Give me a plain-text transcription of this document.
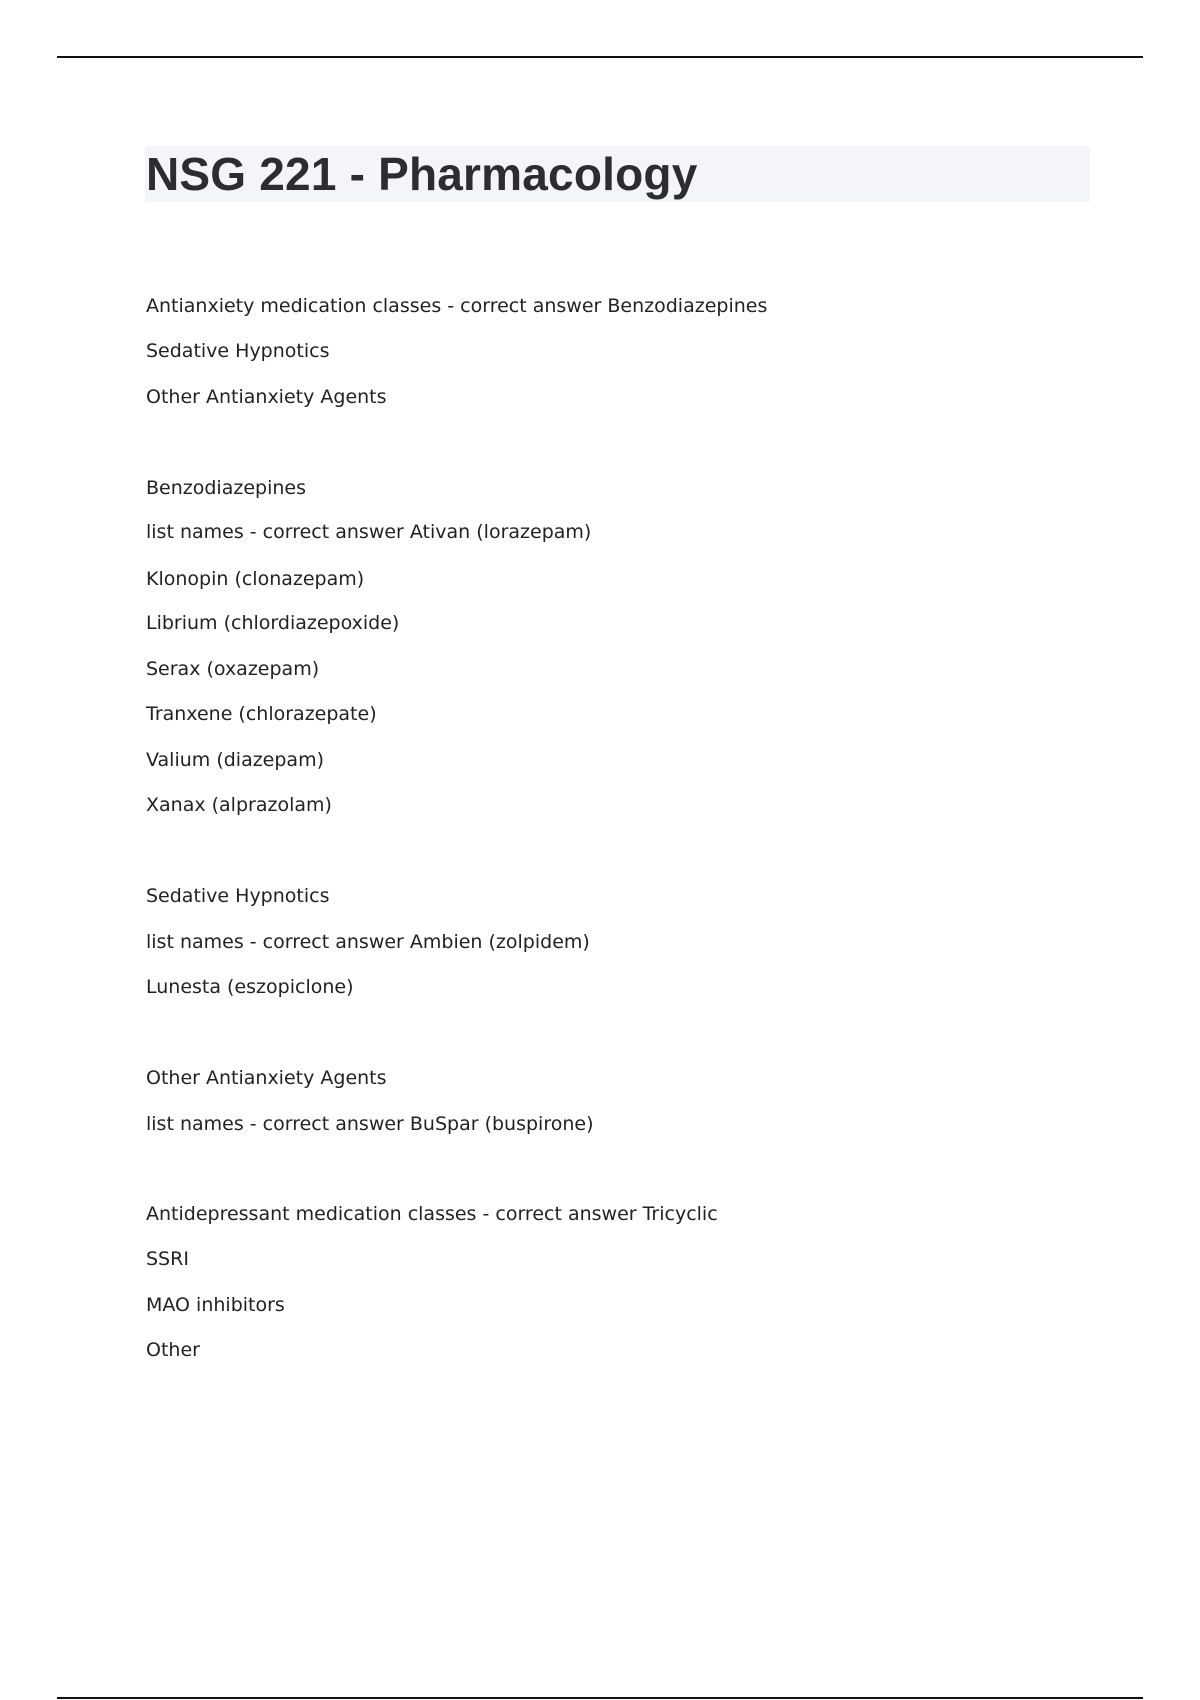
NSG 221 - Pharmacology
Antianxiety medication classes - correct answer Benzodiazepines
Sedative Hypnotics
Other Antianxiety Agents
Benzodiazepines
list names - correct answer Ativan (lorazepam)
Klonopin (clonazepam)
Librium (chlordiazepoxide)
Serax (oxazepam)
Tranxene (chlorazepate)
Valium (diazepam)
Xanax (alprazolam)
Sedative Hypnotics
list names - correct answer Ambien (zolpidem)
Lunesta (eszopiclone)
Other Antianxiety Agents
list names - correct answer BuSpar (buspirone)
Antidepressant medication classes - correct answer Tricyclic
SSRI
MAO inhibitors
Other
